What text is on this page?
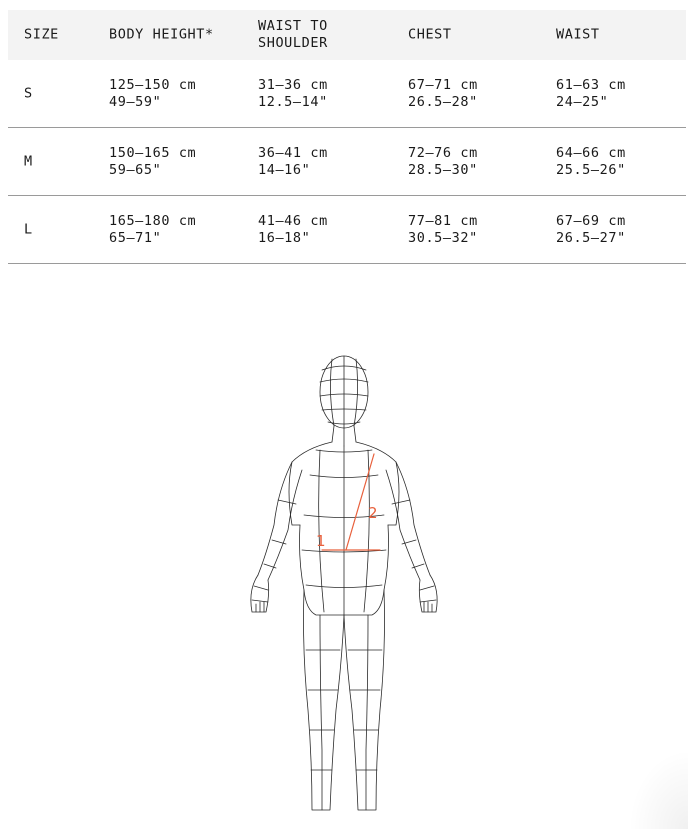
SIZE	BODY HEIGHT*
WAIST TO
SHOULDER
CHEST	WAIST
S
125–150 cm
49–59"
31–36 cm
12.5–14"
67–71 cm
26.5–28"
61–63 cm
24–25"
M
150–165 cm
59–65"
36–41 cm
14–16"
72–76 cm
28.5–30"
64–66 cm
25.5–26"
L
165–180 cm
65–71"
41–46 cm
16–18"
77–81 cm
30.5–32"
67–69 cm
26.5–27"
1
2
